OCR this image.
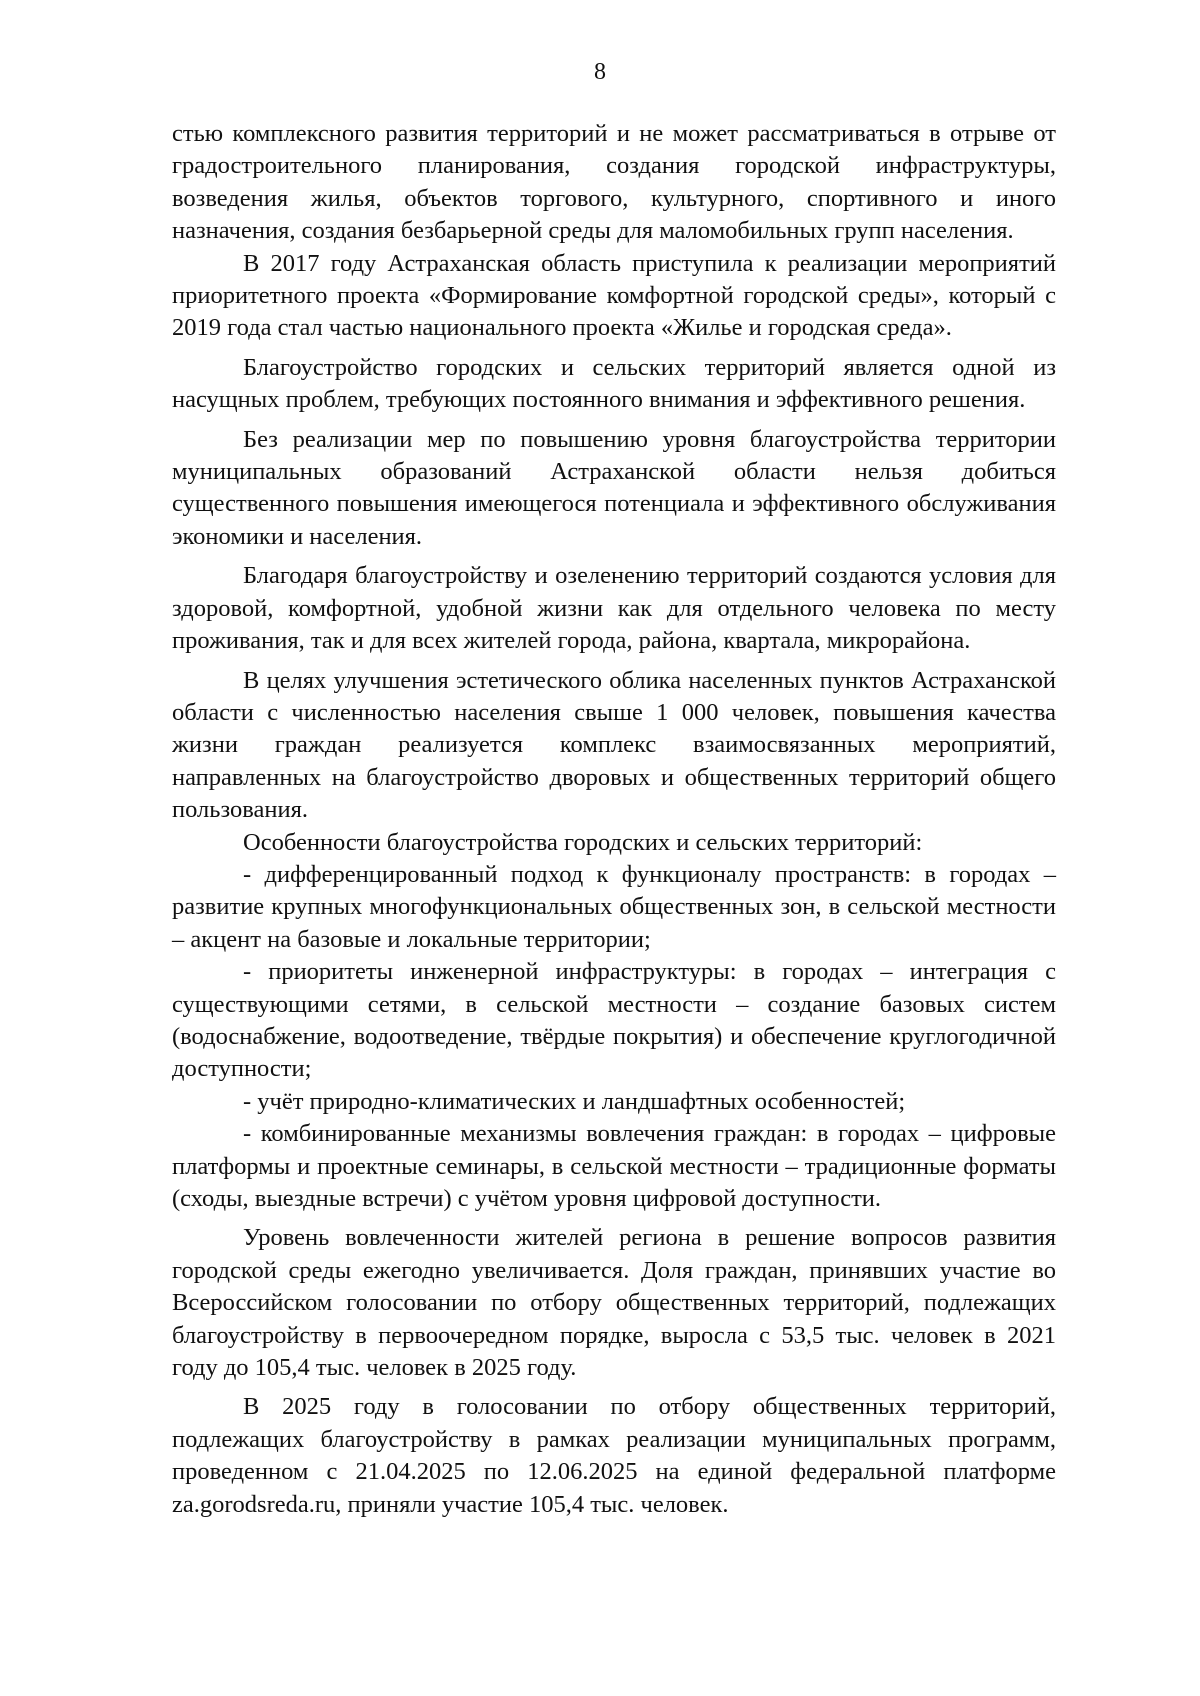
8

стью комплексного развития территорий и не может рассматриваться в отрыве от градостроительного планирования, создания городской инфраструктуры, возведения жилья, объектов торгового, культурного, спортивного и иного назначения, создания безбарьерной среды для маломобильных групп населения.

В 2017 году Астраханская область приступила к реализации мероприятий приоритетного проекта «Формирование комфортной городской среды», который с 2019 года стал частью национального проекта «Жилье и городская среда».

Благоустройство городских и сельских территорий является одной из насущных проблем, требующих постоянного внимания и эффективного решения.

Без реализации мер по повышению уровня благоустройства территории муниципальных образований Астраханской области нельзя добиться существенного повышения имеющегося потенциала и эффективного обслуживания экономики и населения.

Благодаря благоустройству и озеленению территорий создаются условия для здоровой, комфортной, удобной жизни как для отдельного человека по месту проживания, так и для всех жителей города, района, квартала, микрорайона.

В целях улучшения эстетического облика населенных пунктов Астраханской области с численностью населения свыше 1 000 человек, повышения качества жизни граждан реализуется комплекс взаимосвязанных мероприятий, направленных на благоустройство дворовых и общественных территорий общего пользования.

Особенности благоустройства городских и сельских территорий:

- дифференцированный подход к функционалу пространств: в городах – развитие крупных многофункциональных общественных зон, в сельской местности – акцент на базовые и локальные территории;

- приоритеты инженерной инфраструктуры: в городах – интеграция с существующими сетями, в сельской местности – создание базовых систем (водоснабжение, водоотведение, твёрдые покрытия) и обеспечение круглогодичной доступности;

- учёт природно-климатических и ландшафтных особенностей;

- комбинированные механизмы вовлечения граждан: в городах – цифровые платформы и проектные семинары, в сельской местности – традиционные форматы (сходы, выездные встречи) с учётом уровня цифровой доступности.

Уровень вовлеченности жителей региона в решение вопросов развития городской среды ежегодно увеличивается. Доля граждан, принявших участие во Всероссийском голосовании по отбору общественных территорий, подлежащих благоустройству в первоочередном порядке, выросла с 53,5 тыс. человек в 2021 году до 105,4 тыс. человек в 2025 году.

В 2025 году в голосовании по отбору общественных территорий, подлежащих благоустройству в рамках реализации муниципальных программ, проведенном с 21.04.2025 по 12.06.2025 на единой федеральной платформе za.gorodsreda.ru, приняли участие 105,4 тыс. человек.
